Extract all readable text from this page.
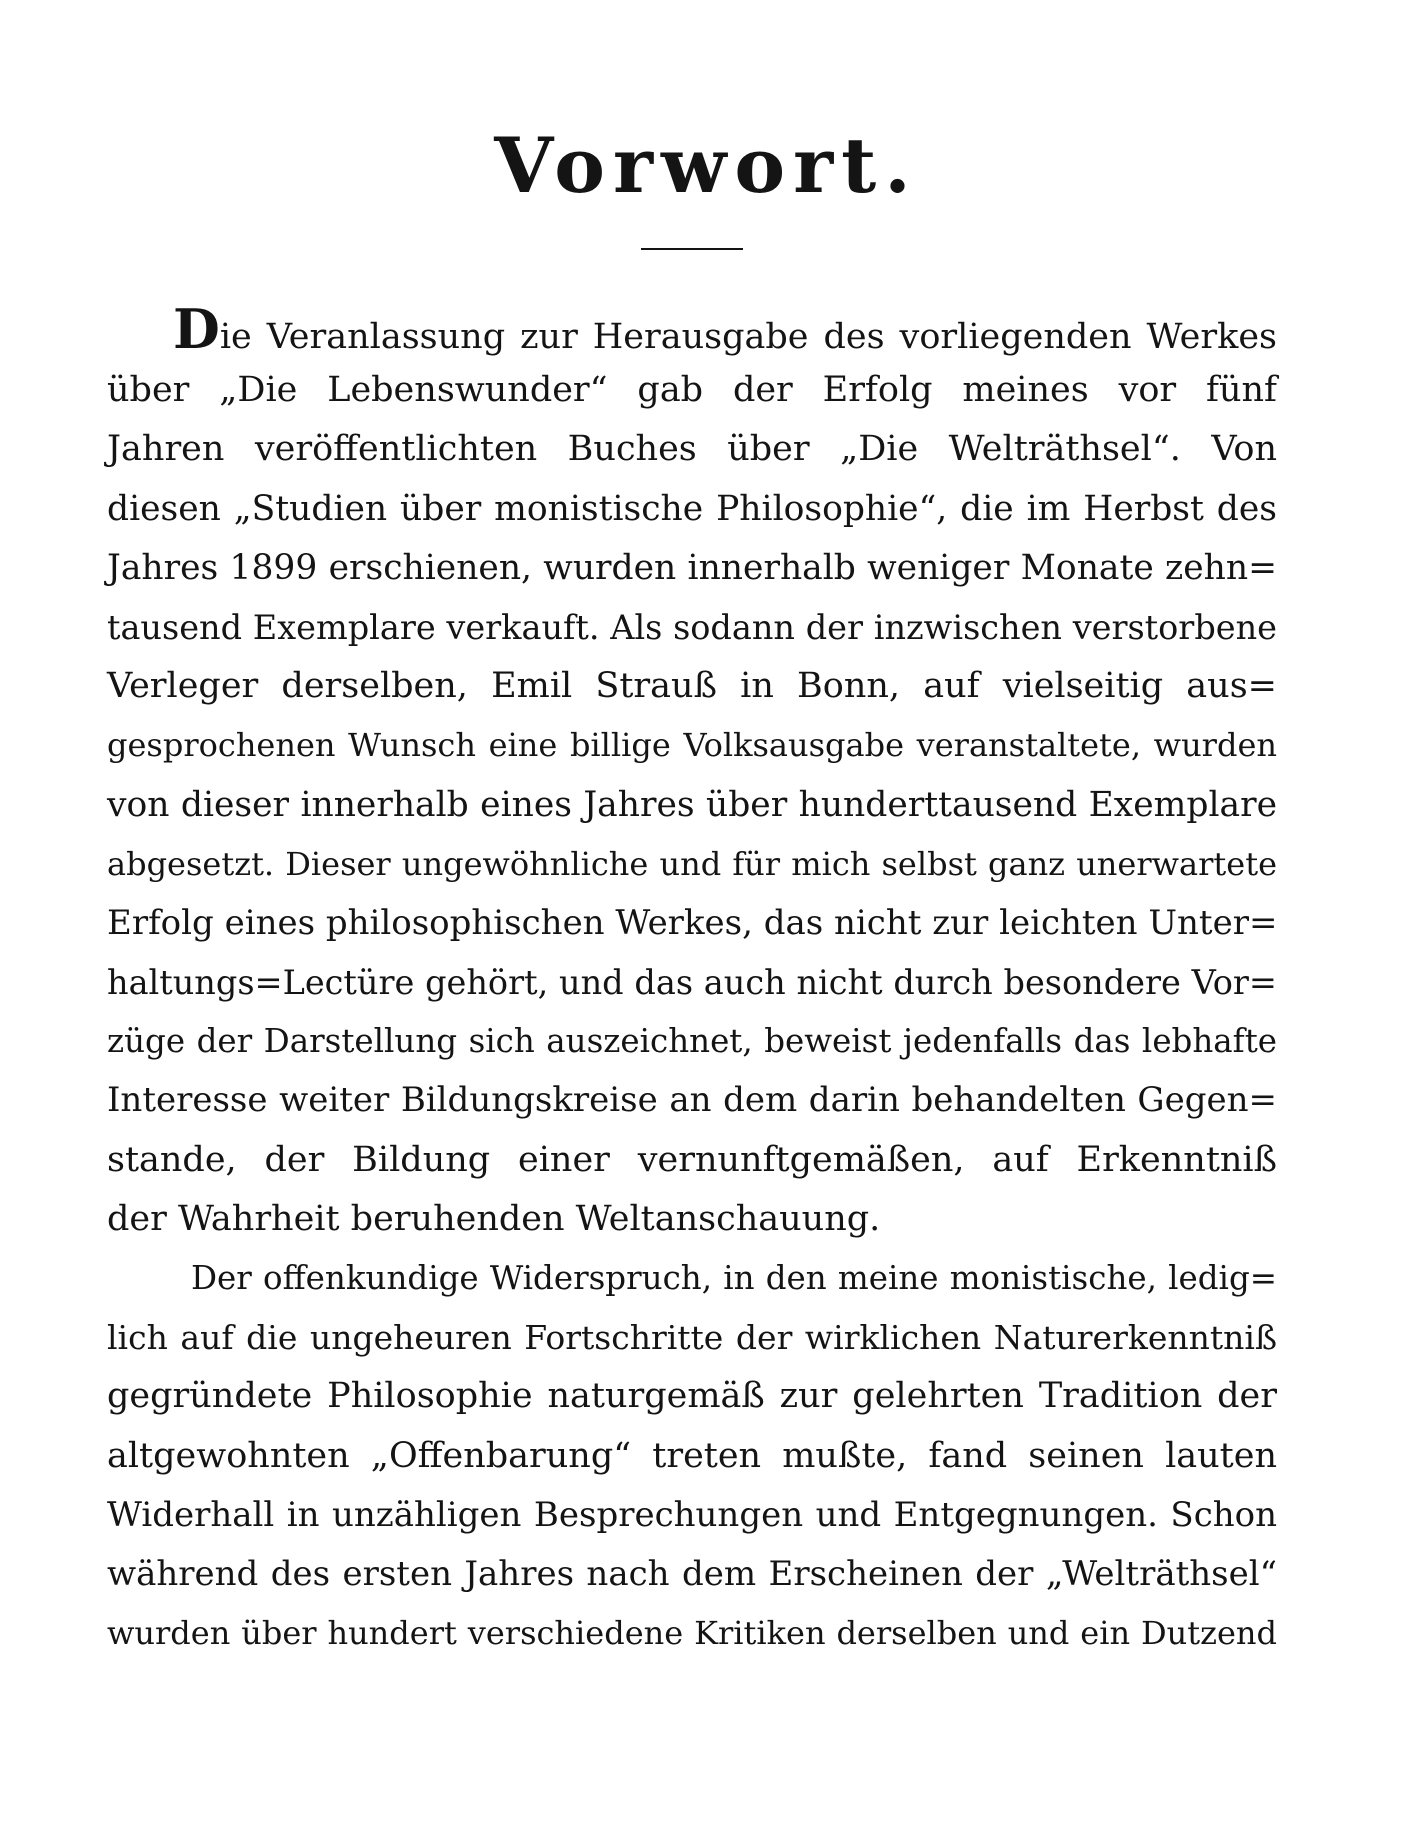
Vorwort.
Die Veranlassung zur Herausgabe des vorliegenden Werkes
über „Die Lebenswunder“ gab der Erfolg meines vor fünf
Jahren veröffentlichten Buches über „Die Welträthsel“. Von
diesen „Studien über monistische Philosophie“, die im Herbst des
Jahres 1899 erschienen, wurden innerhalb weniger Monate zehn=
tausend Exemplare verkauft. Als sodann der inzwischen verstorbene
Verleger derselben, Emil Strauß in Bonn, auf vielseitig aus=
gesprochenen Wunsch eine billige Volksausgabe veranstaltete, wurden
von dieser innerhalb eines Jahres über hunderttausend Exemplare
abgesetzt. Dieser ungewöhnliche und für mich selbst ganz unerwartete
Erfolg eines philosophischen Werkes, das nicht zur leichten Unter=
haltungs=Lectüre gehört, und das auch nicht durch besondere Vor=
züge der Darstellung sich auszeichnet, beweist jedenfalls das lebhafte
Interesse weiter Bildungskreise an dem darin behandelten Gegen=
stande, der Bildung einer vernunftgemäßen, auf Erkenntniß
der Wahrheit beruhenden Weltanschauung.
Der offenkundige Widerspruch, in den meine monistische, ledig=
lich auf die ungeheuren Fortschritte der wirklichen Naturerkenntniß
gegründete Philosophie naturgemäß zur gelehrten Tradition der
altgewohnten „Offenbarung“ treten mußte, fand seinen lauten
Widerhall in unzähligen Besprechungen und Entgegnungen. Schon
während des ersten Jahres nach dem Erscheinen der „Welträthsel“
wurden über hundert verschiedene Kritiken derselben und ein Dutzend
